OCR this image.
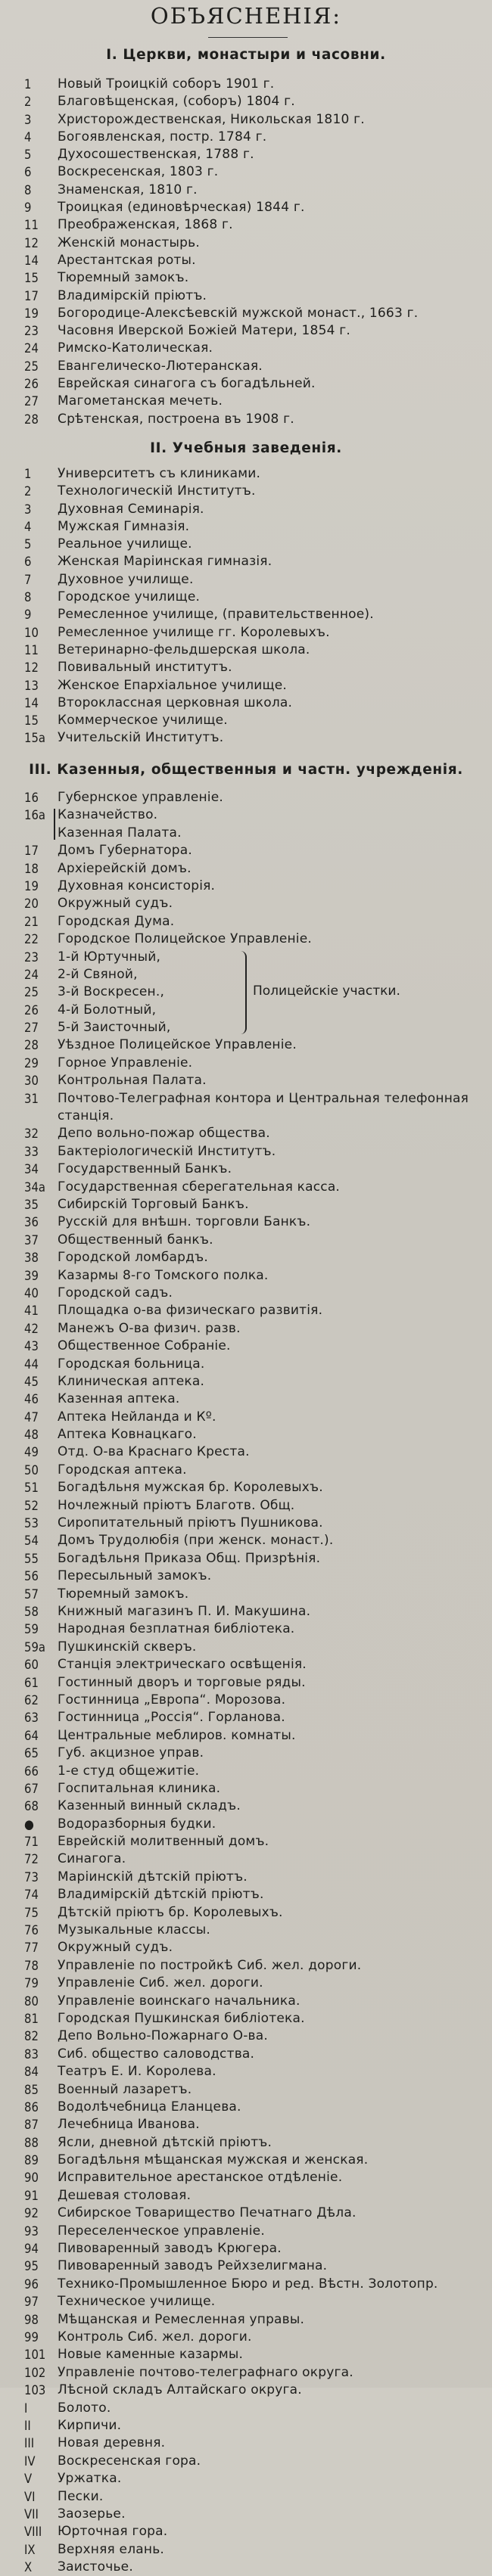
ОБЪЯСНЕНIЯ:
I. Церкви, монастыри и часовни.
1	Новый Троицкiй соборъ 1901 г.
2	Благовѣщенская, (соборъ) 1804 г.
3	Христорождественская, Никольская 1810 г.
4	Богоявленская, постр. 1784 г.
5	Духосошественская, 1788 г.
6	Воскресенская, 1803 г.
8	Знаменская, 1810 г.
9	Троицкая (единовѣрческая) 1844 г.
11	Преображенская, 1868 г.
12	Женскiй монастырь.
14	Арестантская роты.
15	Тюремный замокъ.
17	Владимiрскiй прiютъ.
19	Богородице-Алексѣевскiй мужской монаст., 1663 г.
23	Часовня Иверской Божiей Матери, 1854 г.
24	Римско-Католическая.
25	Евангелическо-Лютеранская.
26	Еврейская синагога съ богадѣльней.
27	Магометанская мечеть.
28	Срѣтенская, построена въ 1908 г.
II. Учебныя заведенiя.
1	Университетъ съ клиниками.
2	Технологическiй Институтъ.
3	Духовная Семинарiя.
4	Мужская Гимназiя.
5	Реальное училище.
6	Женская Марiинская гимназiя.
7	Духовное училище.
8	Городское училище.
9	Ремесленное училище, (правительственное).
10	Ремесленное училище гг. Королевыхъ.
11	Ветеринарно-фельдшерская школа.
12	Повивальный институтъ.
13	Женское Епархiальное училище.
14	Второклассная церковная школа.
15	Коммерческое училище.
15а Учительскiй Институтъ.
III. Казенныя, общественныя и частн. учрежденiя.
16	Губернское управленiе.
16а Казначейство.
Казенная Палата.
17	Домъ Губернатора.
18	Архiерейскiй домъ.
19	Духовная консисторiя.
20	Окружный судъ.
21	Городская Дума.
22	Городское Полицейское Управленiе.
23	1-й Юртучный,
24	2-й Свяной,
25	3-й Воскресен.,
26	4-й Болотный,
27	5-й Заисточный,
28	Уѣздное Полицейское Управленiе.
29	Горное Управленiе.
30	Контрольная Палата.
31	Почтово-Телеграфная контора и Центральная телефонная станцiя.
32	Депо вольно-пожар общества.
33	Бактерiологическiй Институтъ.
34	Государственный Банкъ.
34а Государственная сберегательная касса.
35	Сибирскiй Торговый Банкъ.
36	Русскiй для внѣшн. торговли Банкъ.
37	Общественный банкъ.
38	Городской ломбардъ.
39	Казармы 8-го Томского полка.
40	Городской садъ.
41	Площадка о-ва физическаго развитiя.
42	Манежъ О-ва физич. разв.
43	Общественное Собранiе.
44	Городская больница.
45	Клиническая аптека.
46	Казенная аптека.
47	Аптека Нейланда и Кº.
48	Аптека Ковнацкаго.
49	Отд. О-ва Краснаго Креста.
50	Городская аптека.
51	Богадѣльня мужская бр. Королевыхъ.
52	Ночлежный прiютъ Благотв. Общ.
53	Сиропитательный прiютъ Пушникова.
54	Домъ Трудолюбiя (при женск. монаст.).
55	Богадѣльня Приказа Общ. Призрѣнiя.
56	Пересыльный замокъ.
57	Тюремный замокъ.
58	Книжный магазинъ П. И. Макушина.
59	Народная безплатная библiотека.
59а Пушкинскiй скверъ.
60	Станцiя электрическаго освѣщенiя.
61	Гостинный дворъ и торговые ряды.
62	Гостинница „Европа“. Морозова.
63	Гостинница „Россiя“. Горланова.
64	Центральные меблиров. комнаты.
65	Губ. акцизное управ.
66	1-е студ общежитiе.
67	Госпитальная клиника.
68	Казенный винный складъ.
●	Водоразборныя будки.
71	Еврейскiй молитвенный домъ.
72	Синагога.
73	Марiинскiй дѣтскiй прiютъ.
74	Владимiрскiй дѣтскiй прiютъ.
75	Дѣтскiй прiютъ бр. Королевыхъ.
76	Музыкальные классы.
77	Окружный судъ.
78	Управленiе по постройкѣ Сиб. жел. дороги.
79	Управленiе Сиб. жел. дороги.
80	Управленiе воинскаго начальника.
81	Городская Пушкинская библiотека.
82	Депо Вольно-Пожарнаго О-ва.
83	Сиб. общество саловодства.
84	Театръ Е. И. Королева.
85	Военный лазаретъ.
86	Водолѣчебница Еланцева.
87	Лечебница Иванова.
88	Ясли, дневной дѣтскiй прiютъ.
89	Богадѣльня мѣщанская мужская и женская.
90	Исправительное арестанское отдѣленiе.
91	Дешевая столовая.
92	Сибирское Товарищество Печатнаго Дѣла.
93	Переселенческое управленiе.
94	Пивоваренный заводъ Крюгера.
95	Пивоваренный заводъ Рейхзелигмана.
96	Технико-Промышленное Бюро и ред. Вѣстн. Золотопр.
97	Техническое училище.
98	Мѣщанская и Ремесленная управы.
99	Контроль Сиб. жел. дороги.
101 Новые каменные казармы.
102 Управленiе почтово-телеграфнаго округа.
103 Лѣсной складъ Алтайскаго округа.
I	Болото.
II	Кирпичи.
III	Новая деревня.
IV	Воскресенская гора.
V	Уржатка.
VI	Пески.
VII	Заозерье.
VIII	Юрточная гора.
IX	Верхняя елань.
X	Заисточье.
Полицейскiе участки.
